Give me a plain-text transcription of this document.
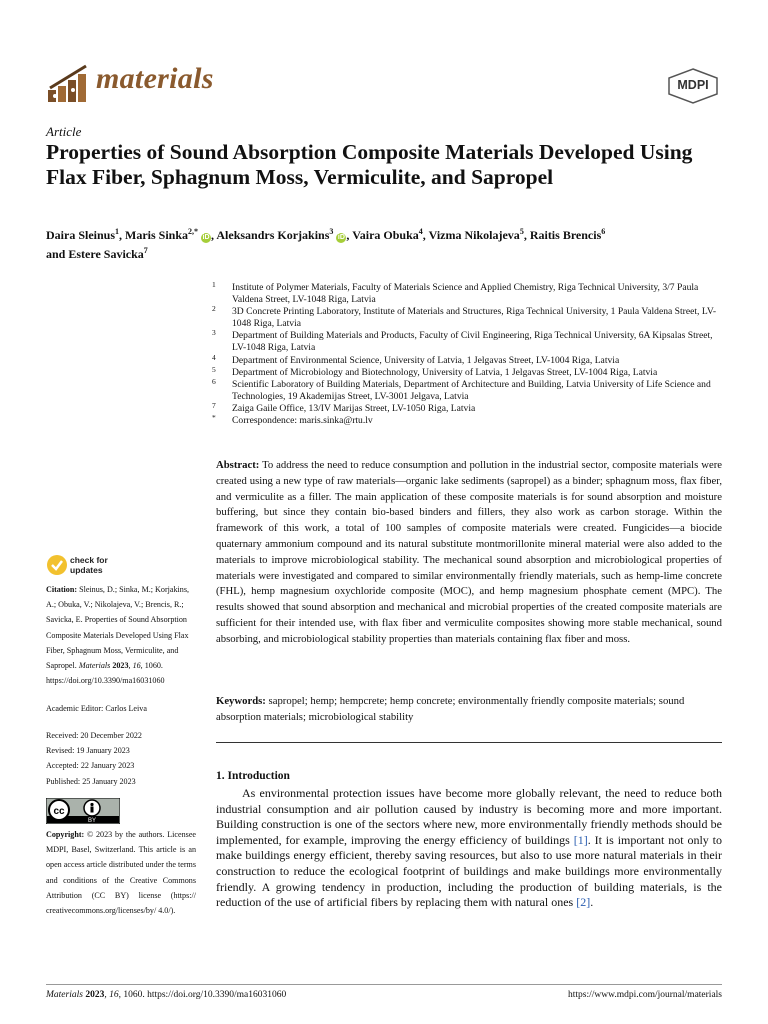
materials	MDPI
Article
Properties of Sound Absorption Composite Materials Developed Using Flax Fiber, Sphagnum Moss, Vermiculite, and Sapropel
Daira Sleinus$^1$, Maris Sinka$^{2,*}$ iD , Aleksandrs Korjakins$^3$ iD , Vaira Obuka$^4$, Vizma Nikolajeva$^5$, Raitis Brencis$^6$
and Estere Savicka$^7$
1 Institute of Polymer Materials, Faculty of Materials Science and Applied Chemistry, Riga Technical University, 3/7 Paula Valdena Street, LV-1048 Riga, Latvia
2 3D Concrete Printing Laboratory, Institute of Materials and Structures, Riga Technical University, 1 Paula Valdena Street, LV-1048 Riga, Latvia
3 Department of Building Materials and Products, Faculty of Civil Engineering, Riga Technical University, 6A Kipsalas Street, LV-1048 Riga, Latvia
4 Department of Environmental Science, University of Latvia, 1 Jelgavas Street, LV-1004 Riga, Latvia
5 Department of Microbiology and Biotechnology, University of Latvia, 1 Jelgavas Street, LV-1004 Riga, Latvia
6 Scientific Laboratory of Building Materials, Department of Architecture and Building, Latvia University of Life Science and Technologies, 19 Akademijas Street, LV-3001 Jelgava, Latvia
7 Zaiga Gaile Office, 13/IV Marijas Street, LV-1050 Riga, Latvia
* Correspondence: maris.sinka@rtu.lv
Abstract: To address the need to reduce consumption and pollution in the industrial sector, composite materials were created using a new type of raw materials—organic lake sediments (sapropel) as a binder; sphagnum moss, flax fiber, and vermiculite as a filler. The main application of these composite materials is for sound absorption and moisture buffering, but since they contain bio-based binders and fillers, they also work as carbon storage. Within the framework of this work, a total of 100 samples of composite materials were created. Fungicides—a biocide quaternary ammonium compound and its natural substitute montmorillonite mineral material were also added to the materials to improve microbiological stability. The mechanical sound absorption and microbiological properties of materials were investigated and compared to similar environmentally friendly materials, such as hemp-lime concrete (FHL), hemp magnesium oxychloride composite (MOC), and hemp magnesium phosphate cement (MPC). The results showed that sound absorption and mechanical and microbial properties of the created composite materials are sufficient for their intended use, with flax fiber and vermiculite composites showing more stable mechanical, sound absorbing, and microbiological stability properties than materials containing flax fiber and moss.
Keywords: sapropel; hemp; hempcrete; hemp concrete; environmentally friendly composite materials; sound absorption materials; microbiological stability
1. Introduction
As environmental protection issues have become more globally relevant, the need to reduce both industrial consumption and air pollution caused by industry is becoming more and more important. Building construction is one of the sectors where new, more environmentally friendly methods should be implemented, for example, improving the energy efficiency of buildings [1]. It is important not only to make buildings energy efficient, thereby saving resources, but also to use more natural materials in their construction to reduce the ecological footprint of buildings and make buildings more environmentally friendly. A growing tendency in production, including the production of building materials, is the reduction of the use of artificial fibers by replacing them with natural ones [2].
check for
updates

Citation: Sleinus, D.; Sinka, M.; Korjakins, A.; Obuka, V.; Nikolajeva, V.; Brencis, R.; Savicka, E. Properties of Sound Absorption Composite Materials Developed Using Flax Fiber, Sphagnum Moss, Vermiculite, and Sapropel. Materials 2023, 16, 1060. https://doi.org/10.3390/ma16031060

Academic Editor: Carlos Leiva
Received: 20 December 2022
Revised: 19 January 2023
Accepted: 22 January 2023
Published: 25 January 2023
cc
BY
Copyright: © 2023 by the authors. Licensee MDPI, Basel, Switzerland. This article is an open access article distributed under the terms and conditions of the Creative Commons Attribution (CC BY) license (https:// creativecommons.org/licenses/by/ 4.0/).
Materials 2023, 16, 1060. https://doi.org/10.3390/ma16031060	https://www.mdpi.com/journal/materials
